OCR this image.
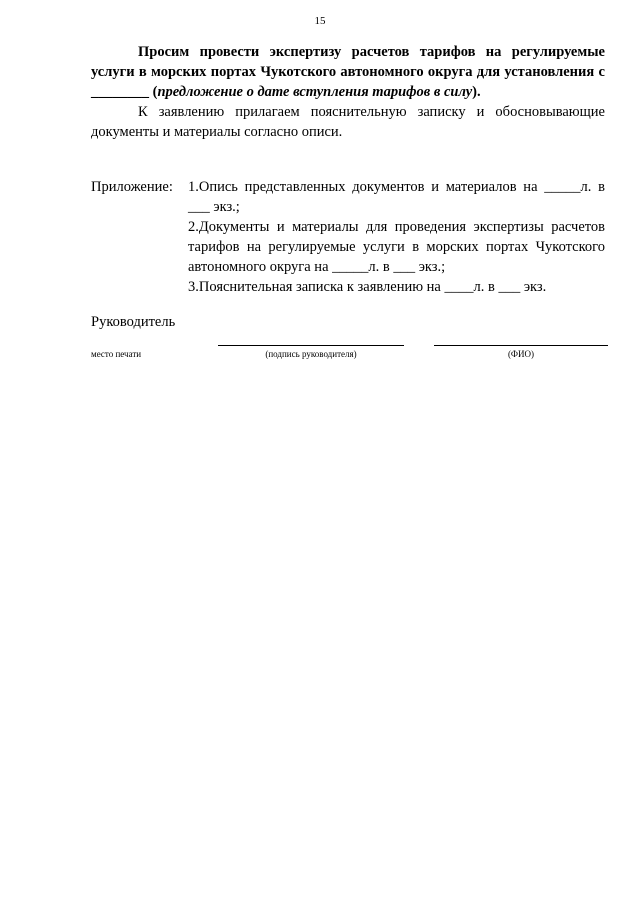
15

Просим провести экспертизу расчетов тарифов на регулируемые услуги в морских портах Чукотского автономного округа для установления с ________ (предложение о дате вступления тарифов в силу).

К заявлению прилагаем пояснительную записку и обосновывающие документы и материалы согласно описи.

Приложение: 1.Опись представленных документов и материалов на _____л. в ___ экз.;

2.Документы и материалы для проведения экспертизы расчетов тарифов на регулируемые услуги в морских портах Чукотского автономного округа на _____л. в ___ экз.;

3.Пояснительная записка к заявлению на ____л. в ___ экз.

Руководитель
место печати	(подпись руководителя)	(ФИО)
